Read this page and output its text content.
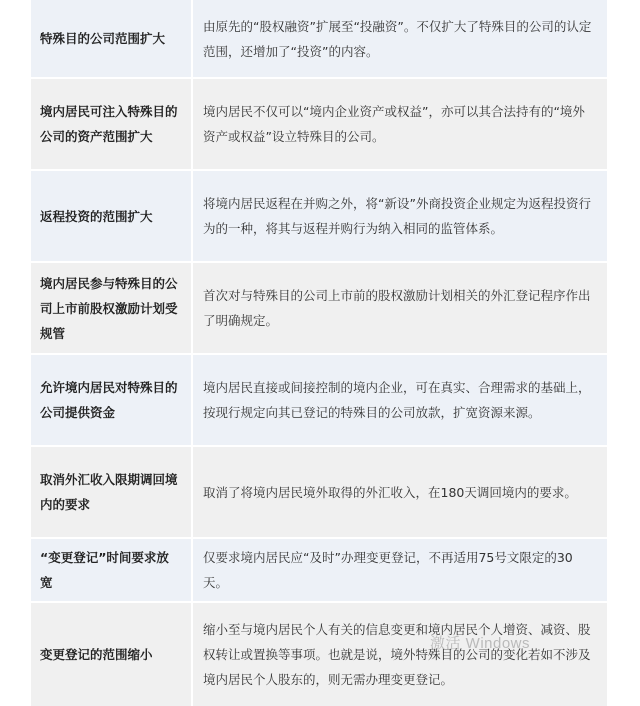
特殊目的公司范围扩大
由原先的“股权融资”扩展至“投融资”。不仅扩大了特殊目的公司的认定范围，还增加了“投资”的内容。
境内居民可注入特殊目的公司的资产范围扩大
境内居民不仅可以“境内企业资产或权益”，亦可以其合法持有的“境外资产或权益”设立特殊目的公司。
返程投资的范围扩大
将境内居民返程在并购之外，将“新设”外商投资企业规定为返程投资行为的一种，将其与返程并购行为纳入相同的监管体系。
境内居民参与特殊目的公司上市前股权激励计划受规管
首次对与特殊目的公司上市前的股权激励计划相关的外汇登记程序作出了明确规定。
允许境内居民对特殊目的公司提供资金
境内居民直接或间接控制的境内企业，可在真实、合理需求的基础上，按现行规定向其已登记的特殊目的公司放款，扩宽资源来源。
取消外汇收入限期调回境内的要求
取消了将境内居民境外取得的外汇收入，在180天调回境内的要求。
“变更登记”时间要求放宽
仅要求境内居民应“及时”办理变更登记，不再适用75号文限定的30天。
变更登记的范围缩小
缩小至与境内居民个人有关的信息变更和境内居民个人增资、减资、股权转让或置换等事项。也就是说，境外特殊目的公司的变化若如不涉及境内居民个人股东的，则无需办理变更登记。
激活 Windows
